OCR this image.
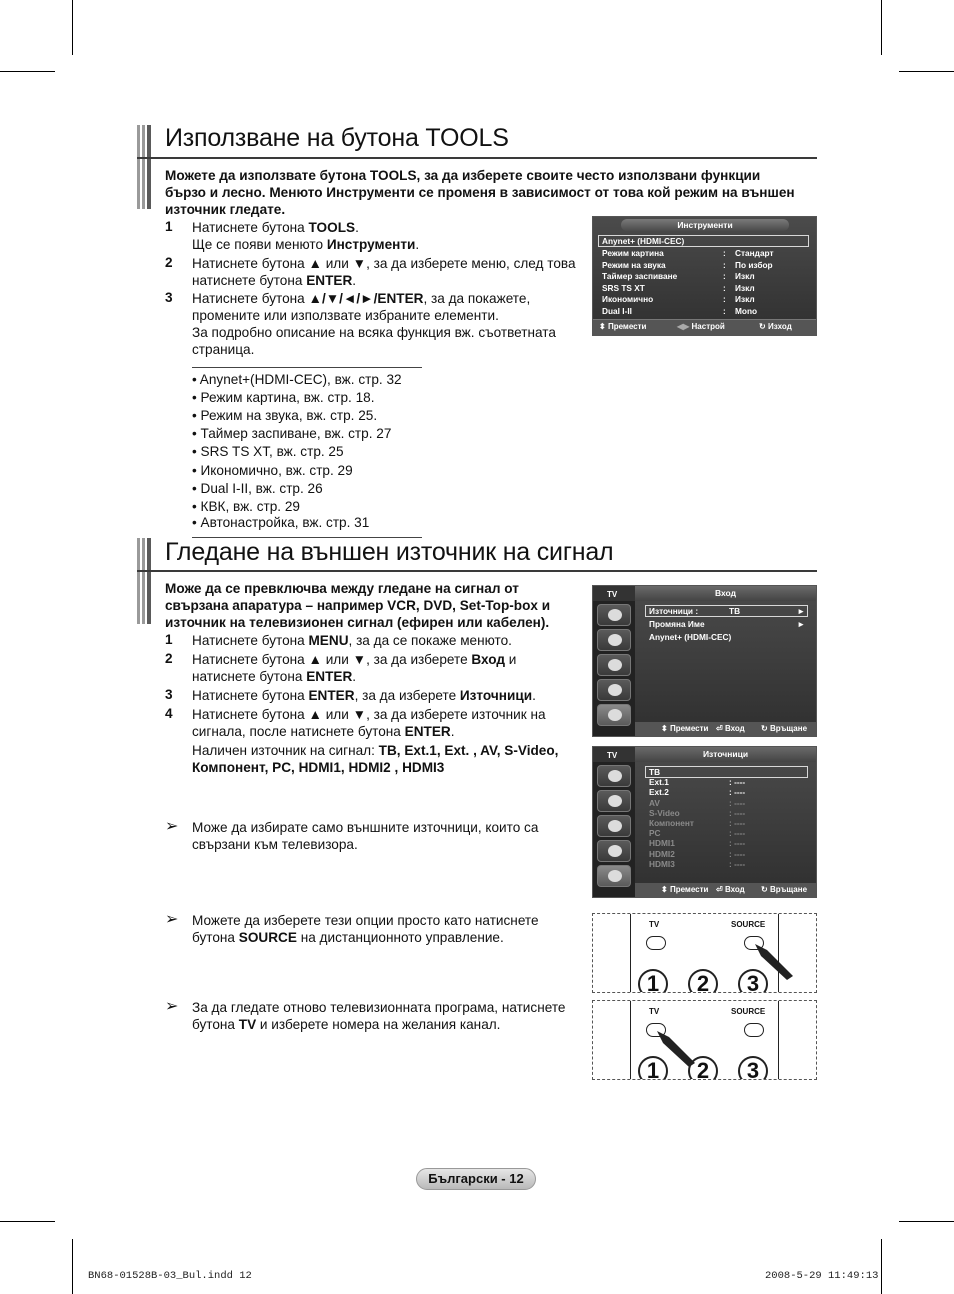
Използване на бутона TOOLS
Можете да използвате бутона TOOLS, за да изберете своите често използвани функции
бързо и лесно. Менюто Инструменти се променя в зависимост от това кой режим на външен
източник гледате.
1 Натиснете бутона TOOLS.
Ще се появи менюто Инструменти.
2 Натиснете бутона ▲ или ▼, за да изберете меню, след това
натиснете бутона ENTER.
3 Натиснете бутона ▲/▼/◄/►/ENTER, за да покажете,
промените или използвате избраните елементи.
За подробно описание на всяка функция вж. съответната
страница.
• Anynet+(HDMI-CEC), вж. стр. 32
• Режим картина, вж. стр. 18.
• Режим на звука, вж. стр. 25.
• Таймер заспиване, вж. стр. 27
• SRS TS XT, вж. стр. 25
• Икономично, вж. стр. 29
• Dual I-II, вж. стр. 26
• КВК, вж. стр. 29
• Автонастройка, вж. стр. 31
Инструменти
Anynet+ (HDMI-CEC)
Режим картина	: Стандарт
Режим на звука	: По избор
Таймер заспиване	: Изкл
SRS TS XT	: Изкл
Икономично	: Изкл
Dual I-II	: Mono
⬍ Премести	◀▶ Настрой	↻ Изход
Гледане на външен източник на сигнал
Може да се превключва между гледане на сигнал от
свързана апаратура – например VCR, DVD, Set-Top-box и
източник на телевизионен сигнал (ефирен или кабелен).
1 Натиснете бутона MENU, за да се покаже менюто.
2 Натиснете бутона ▲ или ▼, за да изберете Вход и
натиснете бутона ENTER.
3 Натиснете бутона ENTER, за да изберете Източници.
4 Натиснете бутона ▲ или ▼, за да изберете източник на
сигнала, после натиснете бутона ENTER.
Наличен източник на сигнал: TB, Ext.1, Ext. , AV, S-Video,
Компонент, PC, HDMI1, HDMI2 , HDMI3
➢ Може да избирате само външните източници, които са
свързани към телевизора.
➢ Можете да изберете тези опции просто като натиснете
бутона SOURCE на дистанционното управление.
➢ За да гледате отново телевизионната програма, натиснете
бутона TV и изберете номера на желания канал.
TV	Вход
Източници :	TB	►
Промяна Име	►
Anynet+ (HDMI-CEC)
⬍ Премести ⏎ Вход ↻ Връщане
TV	Източници
TB
Ext.1	: ----
Ext.2	: ----
AV	: ----
S-Video	: ----
Компонент	: ----
PC	: ----
HDMI1	: ----
HDMI2	: ----
HDMI3	: ----
⬍ Премести ⏎ Вход ↻ Връщане
TV	SOURCE
1	2	3
TV	SOURCE
1	2	3
Български - 12
BN68-01528B-03_Bul.indd 12	2008-5-29 11:49:13
